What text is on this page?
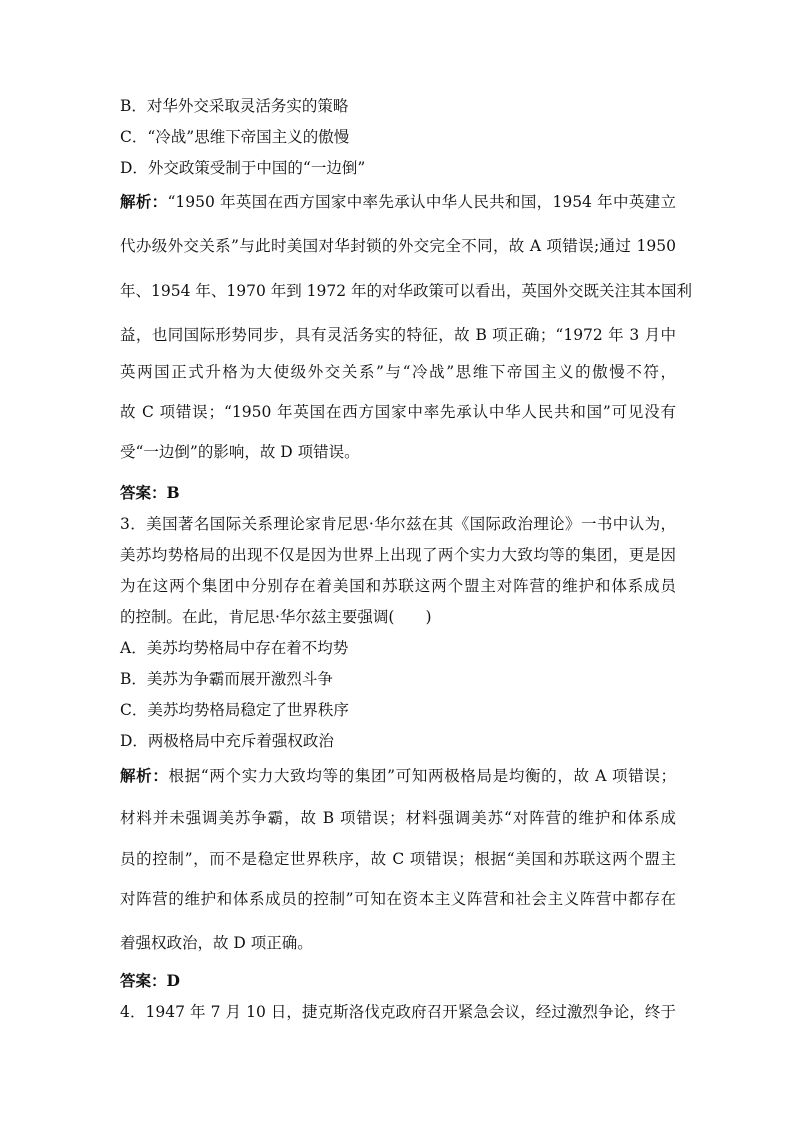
B．对华外交采取灵活务实的策略
C．“冷战”思维下帝国主义的傲慢
D．外交政策受制于中国的“一边倒”
解析：“1950 年英国在西方国家中率先承认中华人民共和国，1954 年中英建立
代办级外交关系”与此时美国对华封锁的外交完全不同，故 A 项错误;通过 1950
年、1954 年、1970 年到 1972 年的对华政策可以看出，英国外交既关注其本国利
益，也同国际形势同步，具有灵活务实的特征，故 B 项正确；“1972 年 3 月中
英两国正式升格为大使级外交关系”与“冷战”思维下帝国主义的傲慢不符，
故 C 项错误；“1950 年英国在西方国家中率先承认中华人民共和国”可见没有
受“一边倒”的影响，故 D 项错误。
答案：B
3．美国著名国际关系理论家肯尼思·华尔兹在其《国际政治理论》一书中认为，
美苏均势格局的出现不仅是因为世界上出现了两个实力大致均等的集团，更是因
为在这两个集团中分别存在着美国和苏联这两个盟主对阵营的维护和体系成员
的控制。在此，肯尼思·华尔兹主要强调(　　)
A．美苏均势格局中存在着不均势
B．美苏为争霸而展开激烈斗争
C．美苏均势格局稳定了世界秩序
D．两极格局中充斥着强权政治
解析：根据“两个实力大致均等的集团”可知两极格局是均衡的，故 A 项错误；
材料并未强调美苏争霸，故 B 项错误；材料强调美苏“对阵营的维护和体系成
员的控制”，而不是稳定世界秩序，故 C 项错误；根据“美国和苏联这两个盟主
对阵营的维护和体系成员的控制”可知在资本主义阵营和社会主义阵营中都存在
着强权政治，故 D 项正确。
答案：D
4．1947 年 7 月 10 日，捷克斯洛伐克政府召开紧急会议，经过激烈争论，终于
